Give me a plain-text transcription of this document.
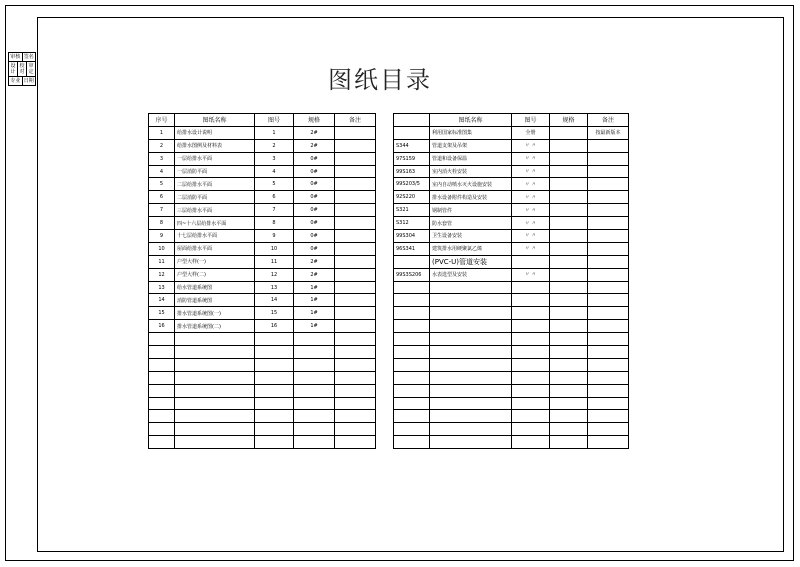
审核 签名
设计
校对
审定
专业 日期	图纸目录
序号	图纸名称	图号	规格	备注
1	给排水设计说明	1	2#	
2	给排水图例及材料表	2	2#	
3	一层给排水平面	3	0#	
4	一层消防平面	4	0#	
5	二层给排水平面	5	0#	
6	二层消防平面	6	0#	
7	三层给排水平面	7	0#	
8	四~十六层给排水平面	8	0#	
9	十七层给排水平面	9	0#	
10	屋面给排水平面	10	0#	
11	户型大样(一)	11	2#	
12	户型大样(二)	12	2#	
13	给水管道系统图	13	1#	
14	消防管道系统图	14	1#	
15	排水管道系统图(一)	15	1#	
16	排水管道系统图(二)	16	1#	

	图纸名称	图号	规格	备注
	利用国家标准图集	全册		按最新版本
S344	管道支架及吊架	〃 〃		
97S159	管道和设备保温	〃 〃		
99S163	室内消火栓安装	〃 〃		
99S203/5	室内自动喷水灭火设施安装	〃 〃		
92S220	排水设备附件构造及安装	〃 〃		
S321	钢制管件	〃 〃		
S312	防水套管	〃 〃		
99S304	卫生设备安装	〃 〃		
96S341	建筑排水用硬聚氯乙烯	〃 〃		
	(PVC-U)管道安装			
99S3S206	水表选型及安装	〃 〃		
